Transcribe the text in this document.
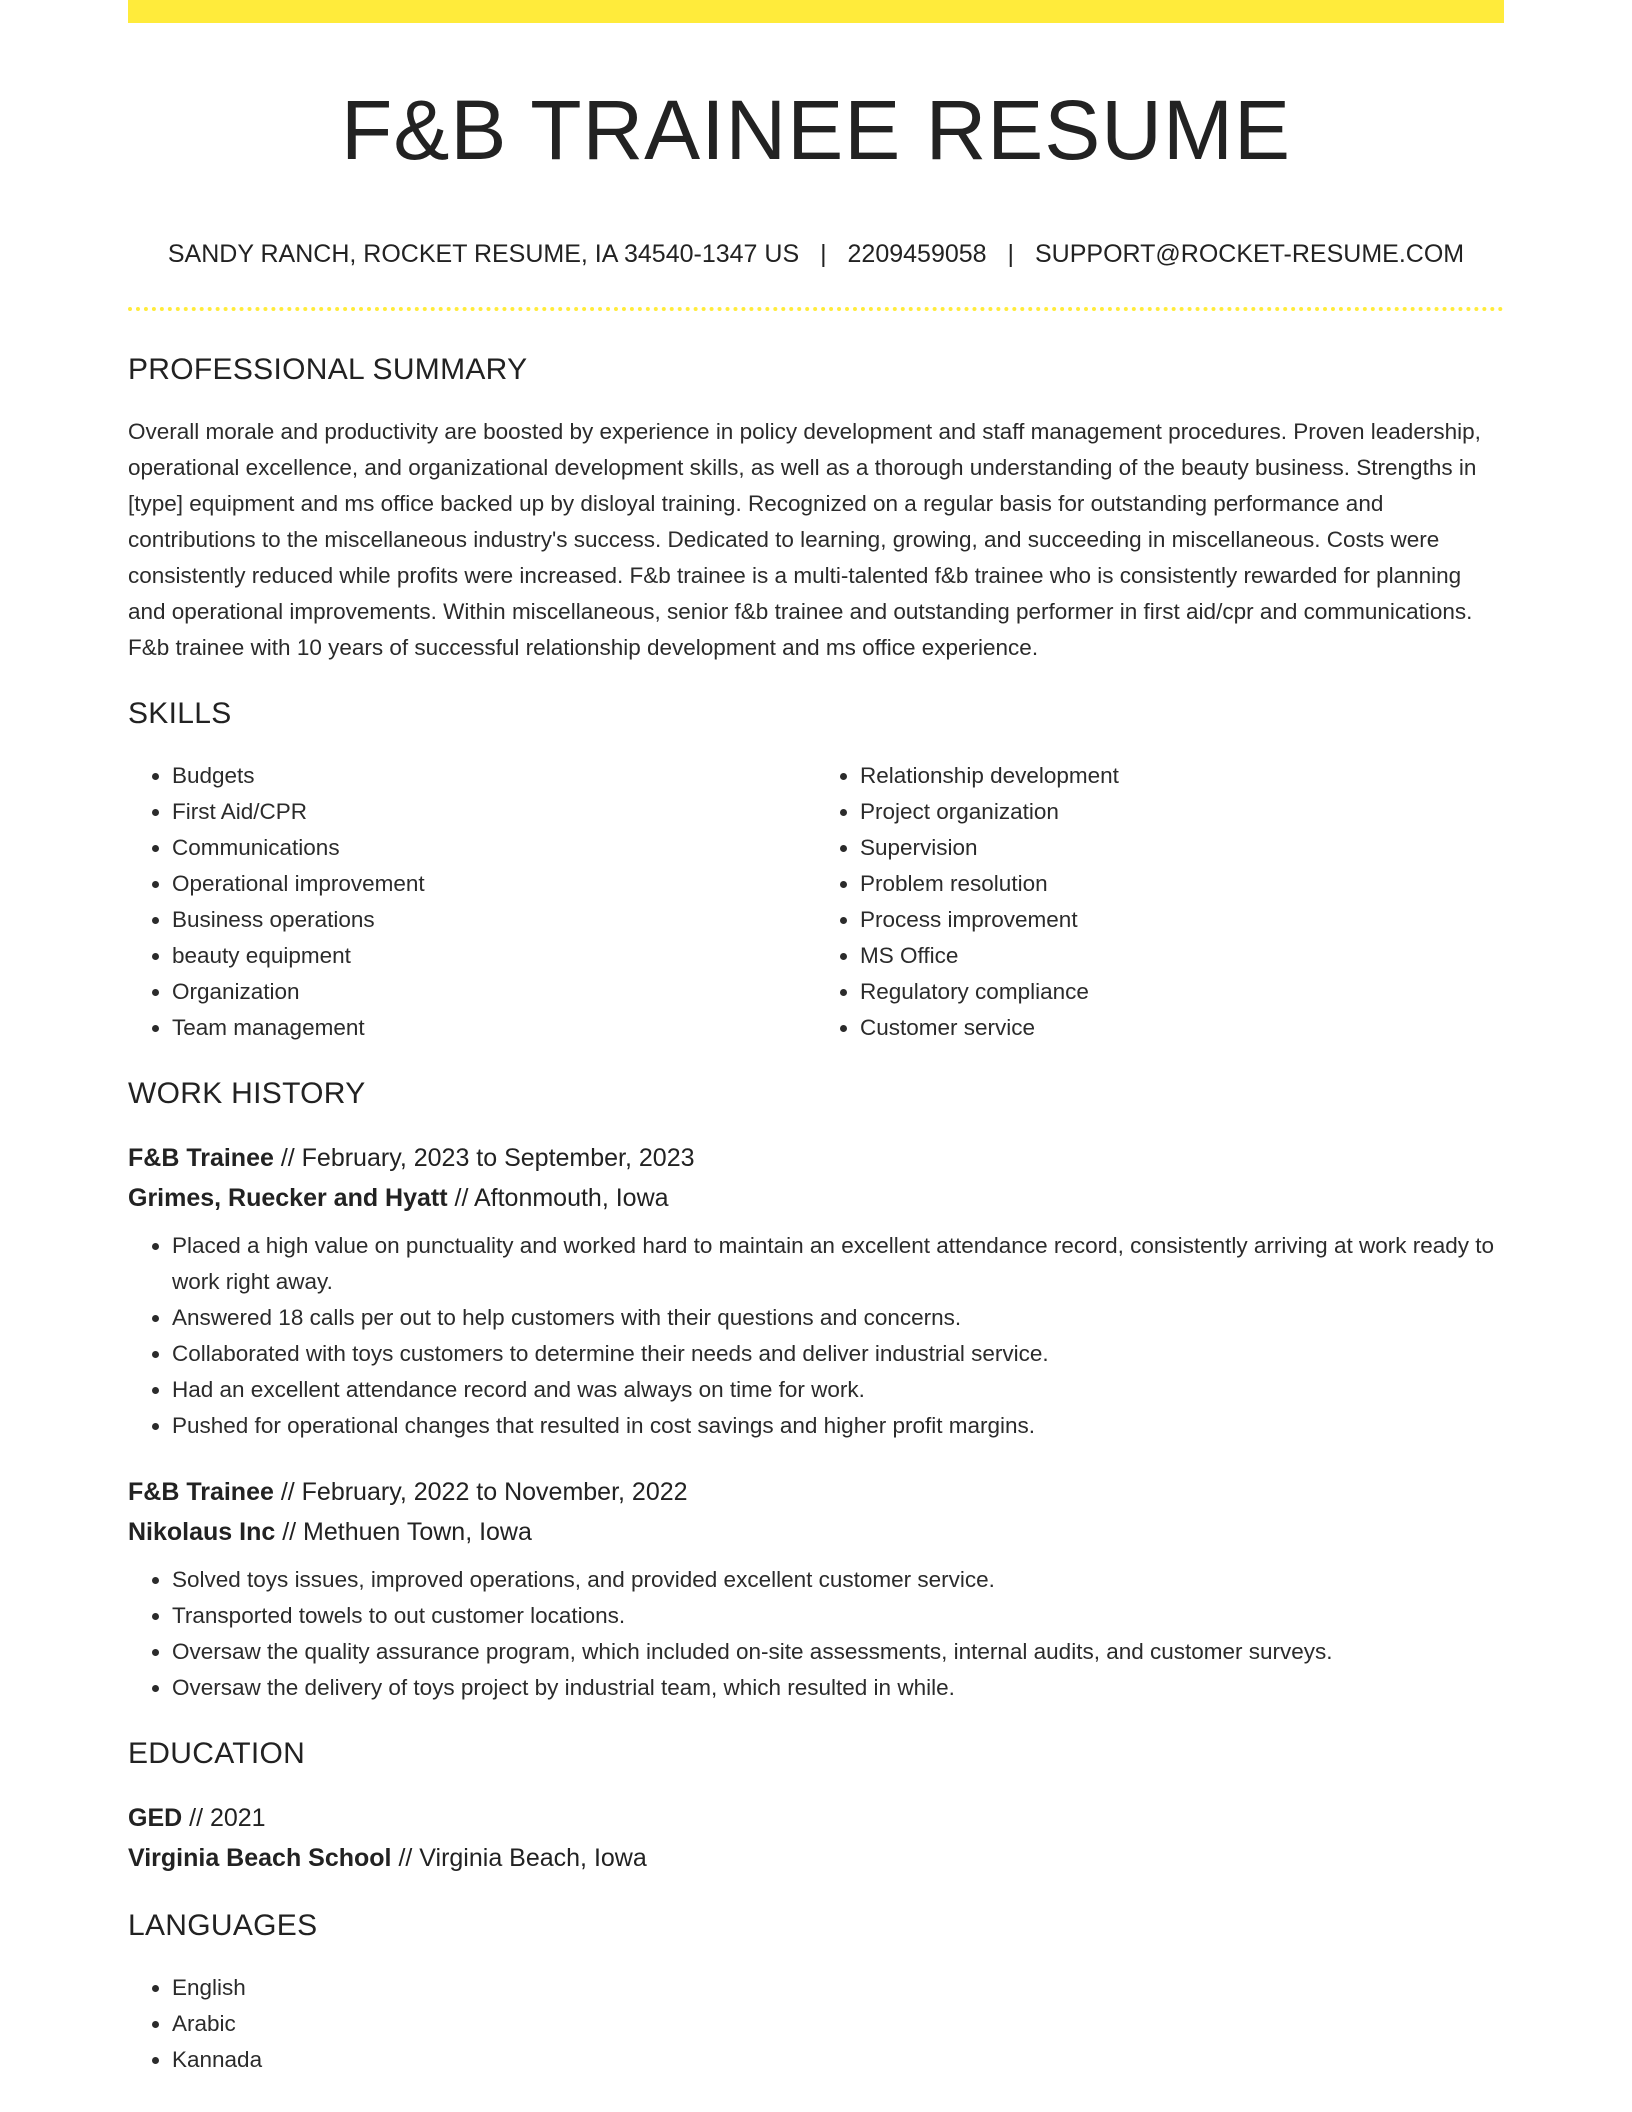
F&B TRAINEE RESUME
SANDY RANCH, ROCKET RESUME, IA 34540-1347 US | 2209459058 | SUPPORT@ROCKET-RESUME.COM
PROFESSIONAL SUMMARY

Overall morale and productivity are boosted by experience in policy development and staff management procedures. Proven leadership, operational excellence, and organizational development skills, as well as a thorough understanding of the beauty business. Strengths in [type] equipment and ms office backed up by disloyal training. Recognized on a regular basis for outstanding performance and contributions to the miscellaneous industry's success. Dedicated to learning, growing, and succeeding in miscellaneous. Costs were consistently reduced while profits were increased. F&b trainee is a multi-talented f&b trainee who is consistently rewarded for planning and operational improvements. Within miscellaneous, senior f&b trainee and outstanding performer in first aid/cpr and communications. F&b trainee with 10 years of successful relationship development and ms office experience.

SKILLS
• Budgets
• First Aid/CPR
• Communications
• Operational improvement
• Business operations
• beauty equipment
• Organization
• Team management
• Relationship development
• Project organization
• Supervision
• Problem resolution
• Process improvement
• MS Office
• Regulatory compliance
• Customer service
WORK HISTORY
F&B Trainee // February, 2023 to September, 2023
Grimes, Ruecker and Hyatt // Aftonmouth, Iowa
• Placed a high value on punctuality and worked hard to maintain an excellent attendance record, consistently arriving at work ready to work right away.
• Answered 18 calls per out to help customers with their questions and concerns.
• Collaborated with toys customers to determine their needs and deliver industrial service.
• Had an excellent attendance record and was always on time for work.
• Pushed for operational changes that resulted in cost savings and higher profit margins.
F&B Trainee // February, 2022 to November, 2022
Nikolaus Inc // Methuen Town, Iowa
• Solved toys issues, improved operations, and provided excellent customer service.
• Transported towels to out customer locations.
• Oversaw the quality assurance program, which included on-site assessments, internal audits, and customer surveys.
• Oversaw the delivery of toys project by industrial team, which resulted in while.
EDUCATION
GED // 2021
Virginia Beach School // Virginia Beach, Iowa
LANGUAGES
• English
• Arabic
• Kannada
